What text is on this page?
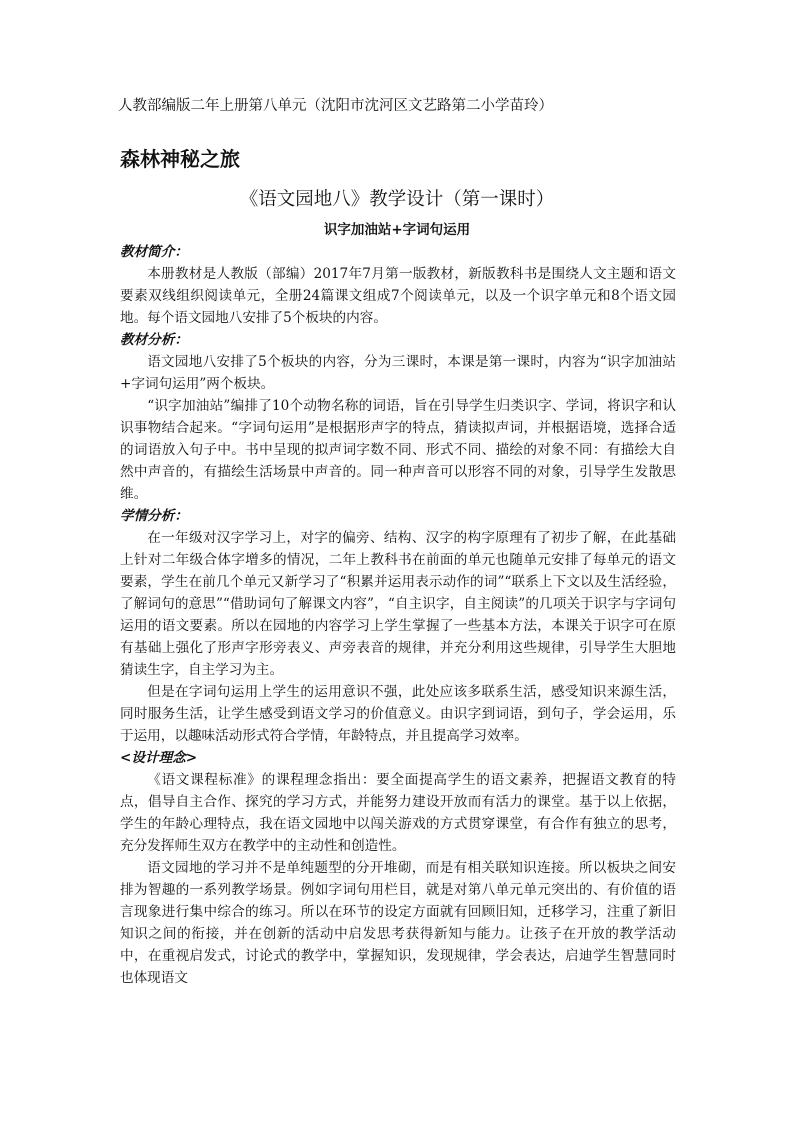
人教部编版二年上册第八单元（沈阳市沈河区文艺路第二小学苗玲）
森林神秘之旅
《语文园地八》教学设计（第一课时）
识字加油站+字词句运用

教材简介：

本册教材是人教版（部编）2017年7月第一版教材，新版教科书是围绕人文主题和语文要素双线组织阅读单元，全册24篇课文组成7个阅读单元，以及一个识字单元和8个语文园地。每个语文园地八安排了5个板块的内容。

教材分析：

语文园地八安排了5个板块的内容，分为三课时，本课是第一课时，内容为“识字加油站+字词句运用”两个板块。

“识字加油站”编排了10个动物名称的词语，旨在引导学生归类识字、学词，将识字和认识事物结合起来。“字词句运用”是根据形声字的特点，猜读拟声词，并根据语境，选择合适的词语放入句子中。书中呈现的拟声词字数不同、形式不同、描绘的对象不同：有描绘大自然中声音的，有描绘生活场景中声音的。同一种声音可以形容不同的对象，引导学生发散思维。

学情分析：

在一年级对汉字学习上，对字的偏旁、结构、汉字的构字原理有了初步了解，在此基础上针对二年级合体字增多的情况，二年上教科书在前面的单元也随单元安排了每单元的语文要素，学生在前几个单元又新学习了“积累并运用表示动作的词”“联系上下文以及生活经验，了解词句的意思”“借助词句了解课文内容”，“自主识字，自主阅读”的几项关于识字与字词句运用的语文要素。所以在园地的内容学习上学生掌握了一些基本方法，本课关于识字可在原有基础上强化了形声字形旁表义、声旁表音的规律，并充分利用这些规律，引导学生大胆地猜读生字，自主学习为主。

但是在字词句运用上学生的运用意识不强，此处应该多联系生活，感受知识来源生活，同时服务生活，让学生感受到语文学习的价值意义。由识字到词语，到句子，学会运用，乐于运用，以趣味活动形式符合学情，年龄特点，并且提高学习效率。

<设计理念>

《语文课程标准》的课程理念指出：要全面提高学生的语文素养，把握语文教育的特点，倡导自主合作、探究的学习方式，并能努力建设开放而有活力的课堂。基于以上依据，学生的年龄心理特点，我在语文园地中以闯关游戏的方式贯穿课堂，有合作有独立的思考，充分发挥师生双方在教学中的主动性和创造性。

语文园地的学习并不是单纯题型的分开堆砌，而是有相关联知识连接。所以板块之间安排为智趣的一系列教学场景。例如字词句用栏目，就是对第八单元单元突出的、有价值的语言现象进行集中综合的练习。所以在环节的设定方面就有回顾旧知，迁移学习，注重了新旧知识之间的衔接，并在创新的活动中启发思考获得新知与能力。让孩子在开放的教学活动中，在重视启发式，讨论式的教学中，掌握知识，发现规律，学会表达，启迪学生智慧同时也体现语文
